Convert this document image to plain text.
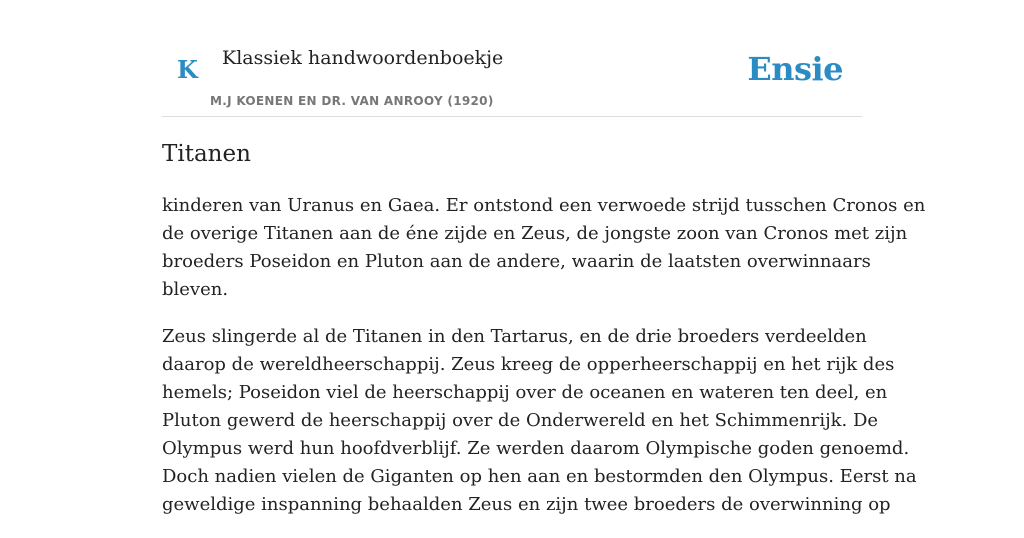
K Klassiek handwoordenboekje
M.J KOENEN EN DR. VAN ANROOY (1920)
Ensie
Titanen

kinderen van Uranus en Gaea. Er ontstond een verwoede strijd tusschen Cronos en
de overige Titanen aan de éne zijde en Zeus, de jongste zoon van Cronos met zijn
broeders Poseidon en Pluton aan de andere, waarin de laatsten overwinnaars
bleven.

Zeus slingerde al de Titanen in den Tartarus, en de drie broeders verdeelden
daarop de wereldheerschappij. Zeus kreeg de opperheerschappij en het rijk des
hemels; Poseidon viel de heerschappij over de oceanen en wateren ten deel, en
Pluton gewerd de heerschappij over de Onderwereld en het Schimmenrijk. De
Olympus werd hun hoofdverblijf. Ze werden daarom Olympische goden genoemd.
Doch nadien vielen de Giganten op hen aan en bestormden den Olympus. Eerst na
geweldige inspanning behaalden Zeus en zijn twee broeders de overwinning op
